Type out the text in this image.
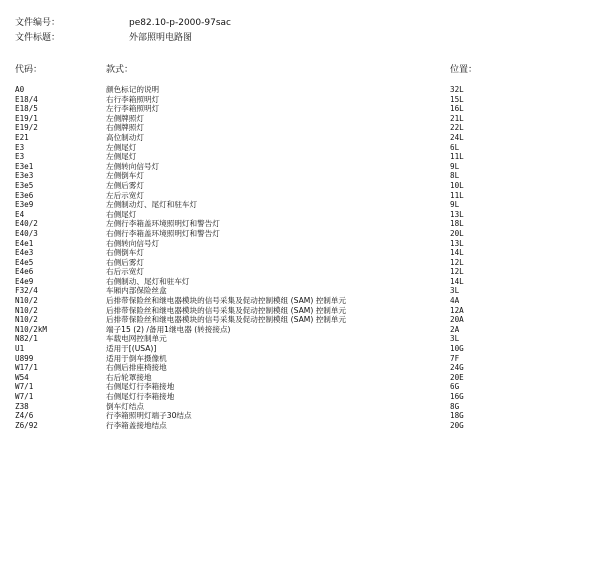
文件编号：	pe82.10-p-2000-97sac
文件标题：	外部照明电路图
代码：	款式：	位置：
A0	颜色标记的说明	32L
E18/4	右行李箱照明灯	15L
E18/5	左行李箱照明灯	16L
E19/1	左侧牌照灯	21L
E19/2	右侧牌照灯	22L
E21	高位制动灯	24L
E3	左侧尾灯	6L
E3	左侧尾灯	11L
E3e1	左侧转向信号灯	9L
E3e3	左侧倒车灯	8L
E3e5	左侧后雾灯	10L
E3e6	左后示宽灯	11L
E3e9	左侧制动灯、尾灯和驻车灯	9L
E4	右侧尾灯	13L
E40/2	左侧行李箱盖环境照明灯和警告灯	18L
E40/3	右侧行李箱盖环境照明灯和警告灯	20L
E4e1	右侧转向信号灯	13L
E4e3	右侧倒车灯	14L
E4e5	右侧后雾灯	12L
E4e6	右后示宽灯	12L
E4e9	右侧制动、尾灯和驻车灯	14L
F32/4	车厢内部保险丝盒	3L
N10/2	后排带保险丝和继电器模块的信号采集及促动控制模组 (SAM) 控制单元	4A
N10/2	后排带保险丝和继电器模块的信号采集及促动控制模组 (SAM) 控制单元	12A
N10/2	后排带保险丝和继电器模块的信号采集及促动控制模组 (SAM) 控制单元	20A
N10/2kM	端子15 (2) /备用1继电器 (转接接点)	2A
N82/1	车载电网控制单元	3L
U1	适用于[(USA)]	10G
U899	适用于倒车摄像机	7F
W17/1	右侧后排座椅接地	24G
W54	右后轮罩接地	20E
W7/1	右侧尾灯行李箱接地	6G
W7/1	右侧尾灯行李箱接地	16G
Z38	倒车灯结点	8G
Z4/6	行李箱照明灯端子30结点	18G
Z6/92	行李箱盖接地结点	20G
